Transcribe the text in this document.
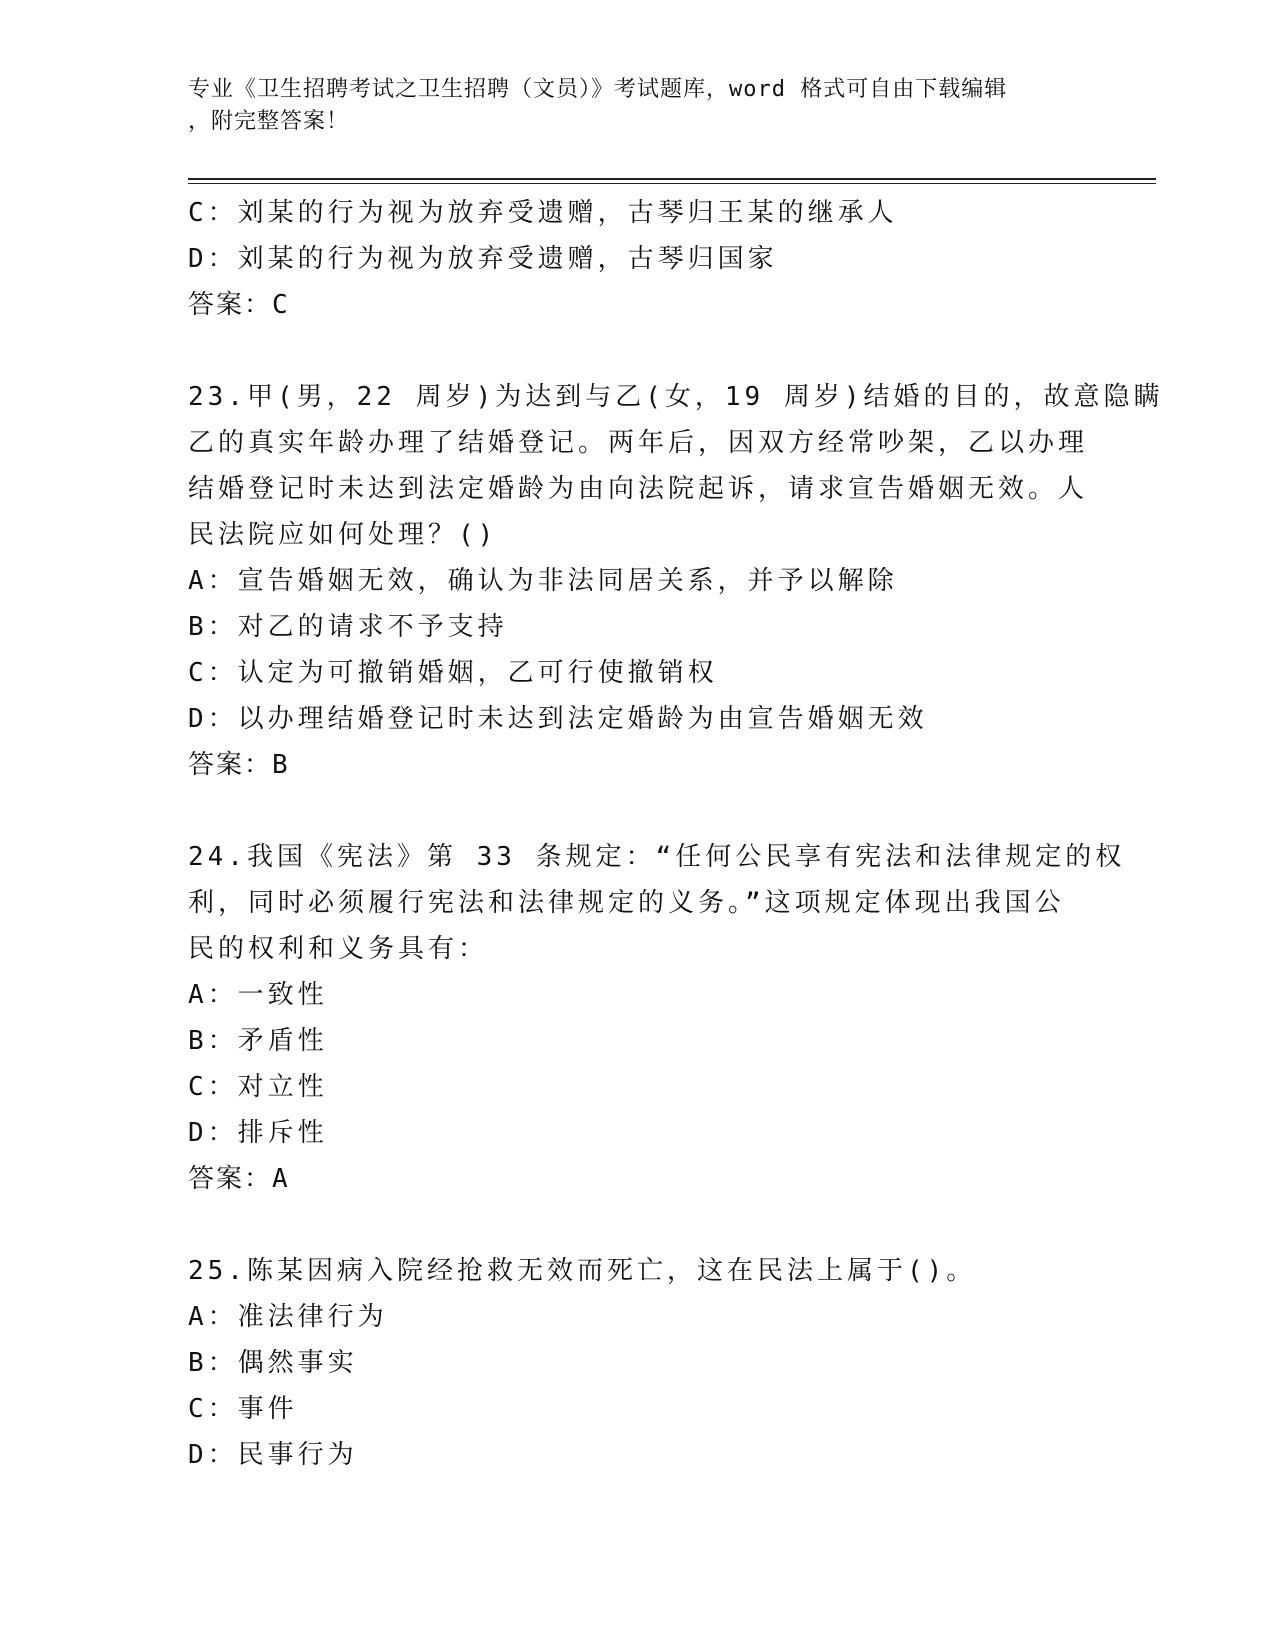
专业《卫生招聘考试之卫生招聘（文员）》考试题库，word 格式可自由下载编辑
，附完整答案！
C：刘某的行为视为放弃受遗赠，古琴归王某的继承人
D：刘某的行为视为放弃受遗赠，古琴归国家
答案：C
23.甲(男，22 周岁)为达到与乙(女，19 周岁)结婚的目的，故意隐瞒
乙的真实年龄办理了结婚登记。两年后，因双方经常吵架，乙以办理
结婚登记时未达到法定婚龄为由向法院起诉，请求宣告婚姻无效。人
民法院应如何处理？()
A：宣告婚姻无效，确认为非法同居关系，并予以解除
B：对乙的请求不予支持
C：认定为可撤销婚姻，乙可行使撤销权
D：以办理结婚登记时未达到法定婚龄为由宣告婚姻无效
答案：B
24.我国《宪法》第 33 条规定：“任何公民享有宪法和法律规定的权
利，同时必须履行宪法和法律规定的义务。”这项规定体现出我国公
民的权利和义务具有：
A：一致性
B：矛盾性
C：对立性
D：排斥性
答案：A
25.陈某因病入院经抢救无效而死亡，这在民法上属于()。
A：准法律行为
B：偶然事实
C：事件
D：民事行为
